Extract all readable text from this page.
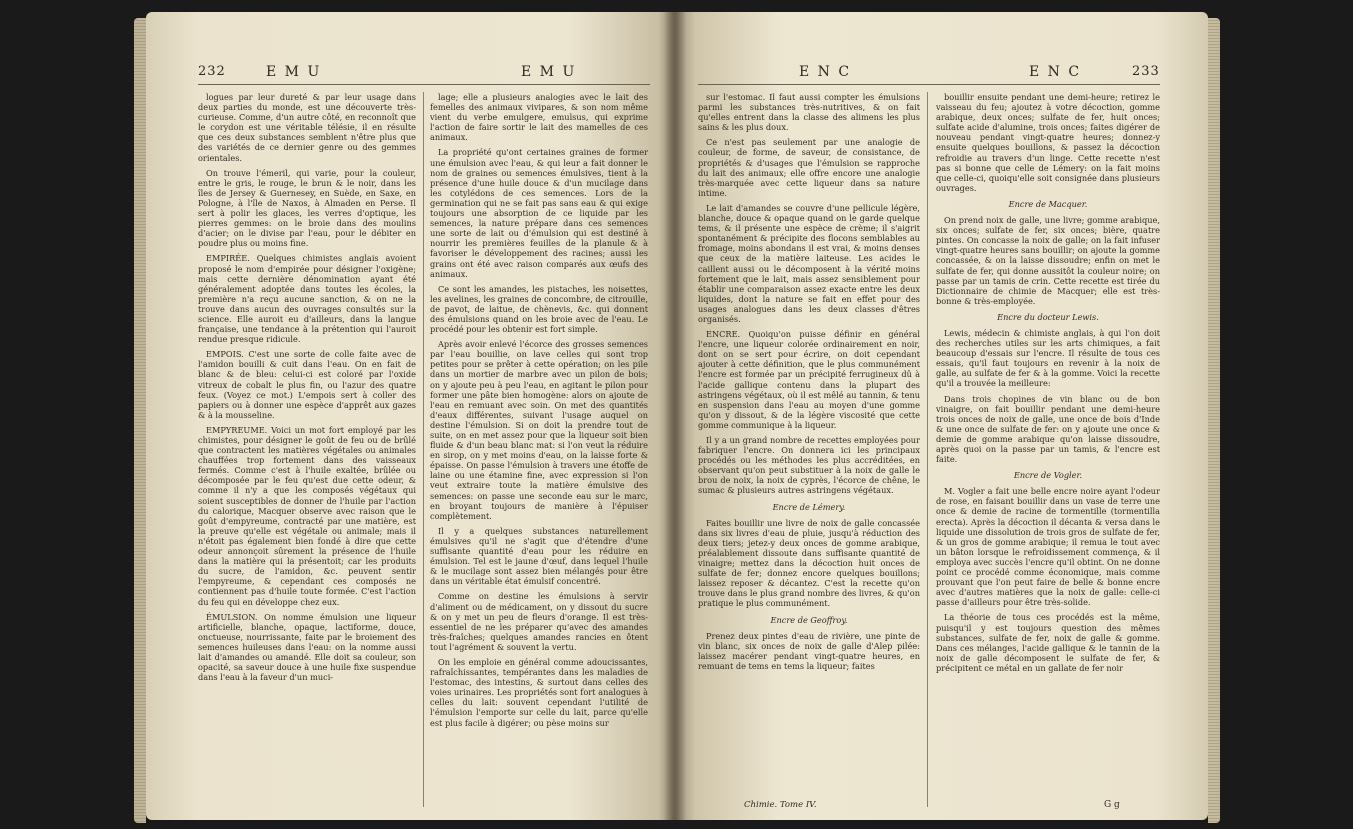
232	E M U	E M U

logues par leur dureté & par leur usage dans deux parties du monde, est une découverte très-curieuse. Comme, d'un autre côté, en reconnoît que le corydon est une véritable télésie, il en résulte que ces deux substances semblent n'être plus que des variétés de ce dernier genre ou des gemmes orientales.

On trouve l'émeril, qui varie, pour la couleur, entre le gris, le rouge, le brun & le noir, dans les îles de Jersey & Guernesey, en Suède, en Saxe, en Pologne, à l'île de Naxos, à Almaden en Perse. Il sert à polir les glaces, les verres d'optique, les pierres gemmes: on le broie dans des moulins d'acier; on le divise par l'eau, pour le débiter en poudre plus ou moins fine.

EMPIRÉE. Quelques chimistes anglais avoient proposé le nom d'empirée pour désigner l'oxigène; mais cette dernière dénomination ayant été généralement adoptée dans toutes les écoles, la première n'a reçu aucune sanction, & on ne la trouve dans aucun des ouvrages consultés sur la science. Elle auroit eu d'ailleurs, dans la langue française, une tendance à la prétention qui l'auroit rendue presque ridicule.

EMPOIS. C'est une sorte de colle faite avec de l'amidon bouilli & cuit dans l'eau. On en fait de blanc & de bleu: celui-ci est coloré par l'oxide vitreux de cobalt le plus fin, ou l'azur des quatre feux. (Voyez ce mot.) L'empois sert à coller des papiers ou à donner une espèce d'apprêt aux gazes & à la mousseline.

EMPYREUME. Voici un mot fort employé par les chimistes, pour désigner le goût de feu ou de brûlé que contractent les matières végétales ou animales chauffées trop fortement dans des vaisseaux fermés. Comme c'est à l'huile exaltée, brûlée ou décomposée par le feu qu'est due cette odeur, & comme il n'y a que les composés végétaux qui soient susceptibles de donner de l'huile par l'action du calorique, Macquer observe avec raison que le goût d'empyreume, contracté par une matière, est la preuve qu'elle est végétale ou animale; mais il n'étoit pas également bien fondé à dire que cette odeur annonçoit sûrement la présence de l'huile dans la matière qui la présentoit; car les produits du sucre, de l'amidon, &c. peuvent sentir l'empyreume, & cependant ces composés ne contiennent pas d'huile toute formée. C'est l'action du feu qui en développe chez eux.

ÉMULSION. On nomme émulsion une liqueur artificielle, blanche, opaque, lactiforme, douce, onctueuse, nourrissante, faite par le broiement des semences huileuses dans l'eau: on la nomme aussi lait d'amandes ou amandé. Elle doit sa couleur, son opacité, sa saveur douce à une huile fixe suspendue dans l'eau à la faveur d'un muci-

lage; elle a plusieurs analogies avec le lait des femelles des animaux vivipares, & son nom même vient du verbe emulgere, emulsus, qui exprime l'action de faire sortir le lait des mamelles de ces animaux.

La propriété qu'ont certaines graines de former une émulsion avec l'eau, & qui leur a fait donner le nom de graines ou semences émulsives, tient à la présence d'une huile douce & d'un mucilage dans les cotylédons de ces semences. Lors de la germination qui ne se fait pas sans eau & qui exige toujours une absorption de ce liquide par les semences, la nature prépare dans ces semences une sorte de lait ou d'émulsion qui est destiné à nourrir les premières feuilles de la planule & à favoriser le développement des racines; aussi les grains ont été avec raison comparés aux œufs des animaux.

Ce sont les amandes, les pistaches, les noisettes, les avelines, les graines de concombre, de citrouille, de pavot, de laitue, de chènevis, &c. qui donnent des émulsions quand on les broie avec de l'eau. Le procédé pour les obtenir est fort simple.

Après avoir enlevé l'écorce des grosses semences par l'eau bouillie, on lave celles qui sont trop petites pour se prêter à cette opération; on les pile dans un mortier de marbre avec un pilon de bois; on y ajoute peu à peu l'eau, en agitant le pilon pour former une pâte bien homogène: alors on ajoute de l'eau en remuant avec soin. On met des quantités d'eaux différentes, suivant l'usage auquel on destine l'émulsion. Si on doit la prendre tout de suite, on en met assez pour que la liqueur soit bien fluide & d'un beau blanc mat: si l'on veut la réduire en sirop, on y met moins d'eau, on la laisse forte & épaisse. On passe l'émulsion à travers une étoffe de laine ou une étamine fine, avec expression si l'on veut extraire toute la matière émulsive des semences: on passe une seconde eau sur le marc, en broyant toujours de manière à l'épuiser complètement.

Il y a quelques substances naturellement émulsives qu'il ne s'agit que d'étendre d'une suffisante quantité d'eau pour les réduire en émulsion. Tel est le jaune d'œuf, dans lequel l'huile & le mucilage sont assez bien mélangés pour être dans un véritable état émulsif concentré.

Comme on destine les émulsions à servir d'aliment ou de médicament, on y dissout du sucre & on y met un peu de fleurs d'orange. Il est très-essentiel de ne les préparer qu'avec des amandes très-fraîches; quelques amandes rancies en ôtent tout l'agrément & souvent la vertu.

On les emploie en général comme adoucissantes, rafraîchissantes, tempérantes dans les maladies de l'estomac, des intestins, & surtout dans celles des voies urinaires. Les propriétés sont fort analogues à celles du lait: souvent cependant l'utilité de l'émulsion l'emporte sur celle du lait, parce qu'elle est plus facile à digérer; ou pèse moins sur

E N C	E N C	233

sur l'estomac. Il faut aussi compter les émulsions parmi les substances très-nutritives, & on fait qu'elles entrent dans la classe des alimens les plus sains & les plus doux.

Ce n'est pas seulement par une analogie de couleur, de forme, de saveur, de consistance, de propriétés & d'usages que l'émulsion se rapproche du lait des animaux; elle offre encore une analogie très-marquée avec cette liqueur dans sa nature intime.

Le lait d'amandes se couvre d'une pellicule légère, blanche, douce & opaque quand on le garde quelque tems, & il présente une espèce de crème; il s'aigrit spontanément & précipite des flocons semblables au fromage, moins abondans il est vrai, & moins denses que ceux de la matière laiteuse. Les acides le caillent aussi ou le décomposent à la vérité moins fortement que le lait, mais assez sensiblement pour établir une comparaison assez exacte entre les deux liquides, dont la nature se fait en effet pour des usages analogues dans les deux classes d'êtres organisés.

ENCRE. Quoiqu'on puisse définir en général l'encre, une liqueur colorée ordinairement en noir, dont on se sert pour écrire, on doit cependant ajouter à cette définition, que le plus communément l'encre est formée par un précipité ferrugineux dû à l'acide gallique contenu dans la plupart des astringens végétaux, où il est mêlé au tannin, & tenu en suspension dans l'eau au moyen d'une gomme qu'on y dissout, & de la légère viscosité que cette gomme communique à la liqueur.

Il y a un grand nombre de recettes employées pour fabriquer l'encre. On donnera ici les principaux procédés ou les méthodes les plus accréditées, en observant qu'on peut substituer à la noix de galle le brou de noix, la noix de cyprès, l'écorce de chêne, le sumac & plusieurs autres astringens végétaux.

Encre de Lémery.

Faites bouillir une livre de noix de galle concassée dans six livres d'eau de pluie, jusqu'à réduction des deux tiers; jetez-y deux onces de gomme arabique, préalablement dissoute dans suffisante quantité de vinaigre; mettez dans la décoction huit onces de sulfate de fer; donnez encore quelques bouillons; laissez reposer & décantez. C'est la recette qu'on trouve dans le plus grand nombre des livres, & qu'on pratique le plus communément.

Encre de Geoffroy.

Prenez deux pintes d'eau de rivière, une pinte de vin blanc, six onces de noix de galle d'Alep pilée: laissez macérer pendant vingt-quatre heures, en remuant de tems en tems la liqueur; faites

bouillir ensuite pendant une demi-heure; retirez le vaisseau du feu; ajoutez à votre décoction, gomme arabique, deux onces; sulfate de fer, huit onces; sulfate acide d'alumine, trois onces; faites digérer de nouveau pendant vingt-quatre heures; donnez-y ensuite quelques bouillons, & passez la décoction refroidie au travers d'un linge. Cette recette n'est pas si bonne que celle de Lémery: on la fait moins que celle-ci, quoiqu'elle soit consignée dans plusieurs ouvrages.

Encre de Macquer.

On prend noix de galle, une livre; gomme arabique, six onces; sulfate de fer, six onces; bière, quatre pintes. On concasse la noix de galle; on la fait infuser vingt-quatre heures sans bouillir; on ajoute la gomme concassée, & on la laisse dissoudre; enfin on met le sulfate de fer, qui donne aussitôt la couleur noire; on passe par un tamis de crin. Cette recette est tirée du Dictionnaire de chimie de Macquer; elle est très-bonne & très-employée.

Encre du docteur Lewis.

Lewis, médecin & chimiste anglais, à qui l'on doit des recherches utiles sur les arts chimiques, a fait beaucoup d'essais sur l'encre. Il résulte de tous ces essais, qu'il faut toujours en revenir à la noix de galle, au sulfate de fer & à la gomme. Voici la recette qu'il a trouvée la meilleure:

Dans trois chopines de vin blanc ou de bon vinaigre, on fait bouillir pendant une demi-heure trois onces de noix de galle, une once de bois d'Inde & une once de sulfate de fer: on y ajoute une once & demie de gomme arabique qu'on laisse dissoudre, après quoi on la passe par un tamis, & l'encre est faite.

Encre de Vogler.

M. Vogler a fait une belle encre noire ayant l'odeur de rose, en faisant bouillir dans un vase de terre une once & demie de racine de tormentille (tormentilla erecta). Après la décoction il décanta & versa dans le liquide une dissolution de trois gros de sulfate de fer, & un gros de gomme arabique; il remua le tout avec un bâton lorsque le refroidissement commença, & il employa avec succès l'encre qu'il obtint. On ne donne point ce procédé comme économique, mais comme prouvant que l'on peut faire de belle & bonne encre avec d'autres matières que la noix de galle: celle-ci passe d'ailleurs pour être très-solide.

La théorie de tous ces procédés est la même, puisqu'il y est toujours question des mêmes substances, sulfate de fer, noix de galle & gomme. Dans ces mélanges, l'acide gallique & le tannin de la noix de galle décomposent le sulfate de fer, & précipitent ce métal en un gallate de fer noir

Chimie. Tome IV.	G g
